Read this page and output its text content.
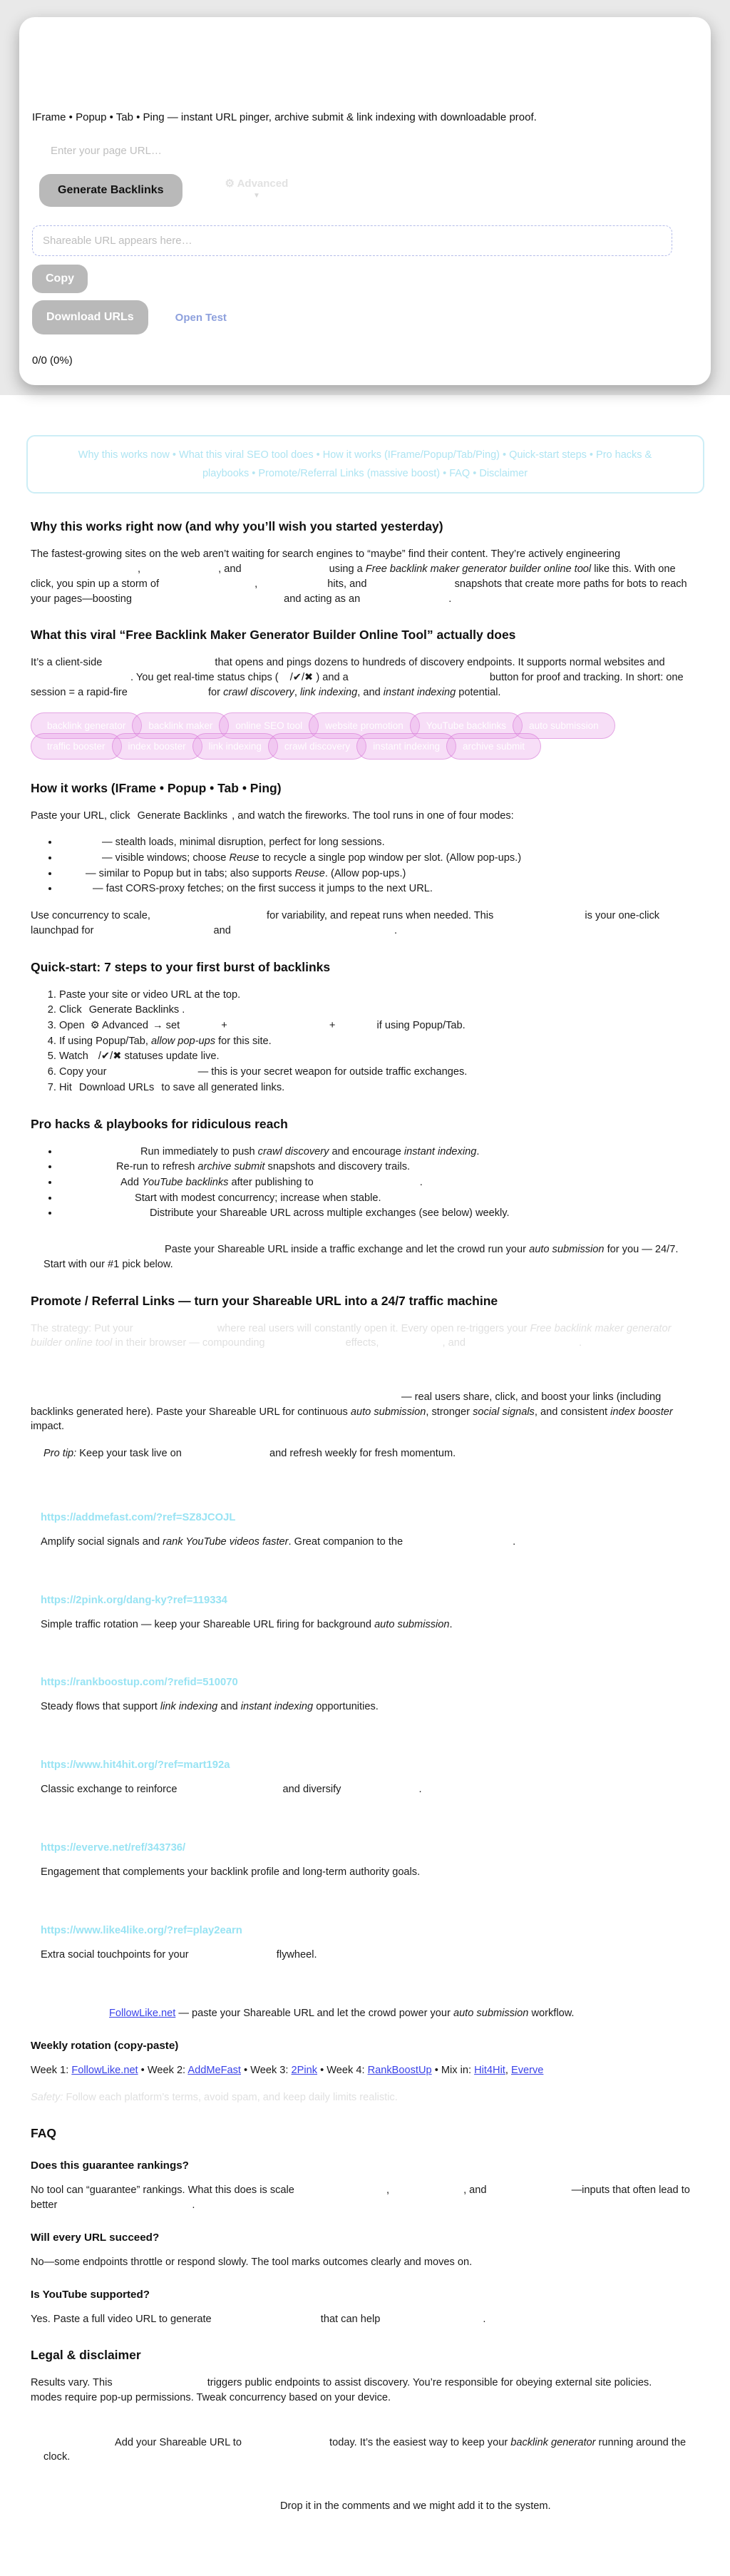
IFrame • Popup • Tab • Ping — instant URL pinger, archive submit & link indexing with downloadable proof.

Enter your page URL…
Generate Backlinks
⚙ Advanced
▼
Shareable URL appears here…
Copy
Download URLs	Open Test
0/0 (0%)
Why this works now • What this viral SEO tool does • How it works (IFrame/Popup/Tab/Ping) • Quick-start steps • Pro hacks & playbooks • Promote/Referral Links (massive boost) • FAQ • Disclaimer
Why this works right now (and why you’ll wish you started yesterday)

The fastest-growing sites on the web aren’t waiting for search engines to “maybe” find their content. They’re actively engineering ,	, and	using a Free backlink maker generator builder online tool like this. With one click, you spin up a storm of	,	hits, and	snapshots that create more paths for bots to reach your pages—boosting	and acting as an	.

What this viral “Free Backlink Maker Generator Builder Online Tool” actually does

It’s a client-side	that opens and pings dozens to hundreds of discovery endpoints. It supports normal websites and . You get real-time status chips ( /✔/✖ ) and a	button for proof and tracking. In short: one session = a rapid-fire	for crawl discovery, link indexing, and instant indexing potential.

backlink generator	backlink maker	online SEO tool	website promotion	YouTube backlinks	auto submission
traffic booster	index booster	link indexing	crawl discovery	instant indexing	archive submit
How it works (IFrame • Popup • Tab • Ping)

Paste your URL, click Generate Backlinks , and watch the fireworks. The tool runs in one of four modes:

• — stealth loads, minimal disruption, perfect for long sessions.
• — visible windows; choose Reuse to recycle a single pop window per slot. (Allow pop-ups.)
• — similar to Popup but in tabs; also supports Reuse. (Allow pop-ups.)
• — fast CORS-proxy fetches; on the first success it jumps to the next URL.

Use concurrency to scale,	for variability, and repeat runs when needed. This	is your one-click launchpad for	and	.

Quick-start: 7 steps to your first burst of backlinks
1. Paste your site or video URL at the top.
2. Click Generate Backlinks .
3. Open ⚙ Advanced → set	+	+	if using Popup/Tab.
4. If using Popup/Tab, allow pop-ups for this site.
5. Watch /✔/✖ statuses update live.
6. Copy your	— this is your secret weapon for outside traffic exchanges.
7. Hit Download URLs to save all generated links.
Pro hacks & playbooks for ridiculous reach
• Run immediately to push crawl discovery and encourage instant indexing.
• Re-run to refresh archive submit snapshots and discovery trails.
• Add YouTube backlinks after publishing to	.
• Start with modest concurrency; increase when stable.
• Distribute your Shareable URL across multiple exchanges (see below) weekly.

Paste your Shareable URL inside a traffic exchange and let the crowd run your auto submission for you — 24/7. Start with our #1 pick below.

Promote / Referral Links — turn your Shareable URL into a 24/7 traffic machine

The strategy: Put your	where real users will constantly open it. Every open re-triggers your Free backlink maker generator builder online tool in their browser — compounding	effects,	, and	.

— real users share, click, and boost your links (including backlinks generated here). Paste your Shareable URL for continuous auto submission, stronger social signals, and consistent index booster impact.

Pro tip: Keep your task live on	and refresh weekly for fresh momentum.

https://addmefast.com/?ref=SZ8JCOJL

Amplify social signals and rank YouTube videos faster. Great companion to the	.

https://2pink.org/dang-ky?ref=119334

Simple traffic rotation — keep your Shareable URL firing for background auto submission.

https://rankboostup.com/?refid=510070

Steady flows that support link indexing and instant indexing opportunities.

https://www.hit4hit.org/?ref=mart192a

Classic exchange to reinforce	and diversify	.

https://everve.net/ref/343736/

Engagement that complements your backlink profile and long-term authority goals.

https://www.like4like.org/?ref=play2earn

Extra social touchpoints for your	flywheel.

FollowLike.net — paste your Shareable URL and let the crowd power your auto submission workflow.

Weekly rotation (copy-paste)

Week 1: FollowLike.net • Week 2: AddMeFast • Week 3: 2Pink • Week 4: RankBoostUp • Mix in: Hit4Hit, Everve

Safety: Follow each platform’s terms, avoid spam, and keep daily limits realistic.

FAQ
Does this guarantee rankings?

No tool can “guarantee” rankings. What this does is scale	,	, and	—inputs that often lead to better	.

Will every URL succeed?

No—some endpoints throttle or respond slowly. The tool marks outcomes clearly and moves on.

Is YouTube supported?

Yes. Paste a full video URL to generate	that can help	.

Legal & disclaimer

Results vary. This	triggers public endpoints to assist discovery. You’re responsible for obeying external site policies.  modes require pop-up permissions. Tweak concurrency based on your device.

Add your Shareable URL to	today. It’s the easiest way to keep your backlink generator running around the clock.

Drop it in the comments and we might add it to the system.
